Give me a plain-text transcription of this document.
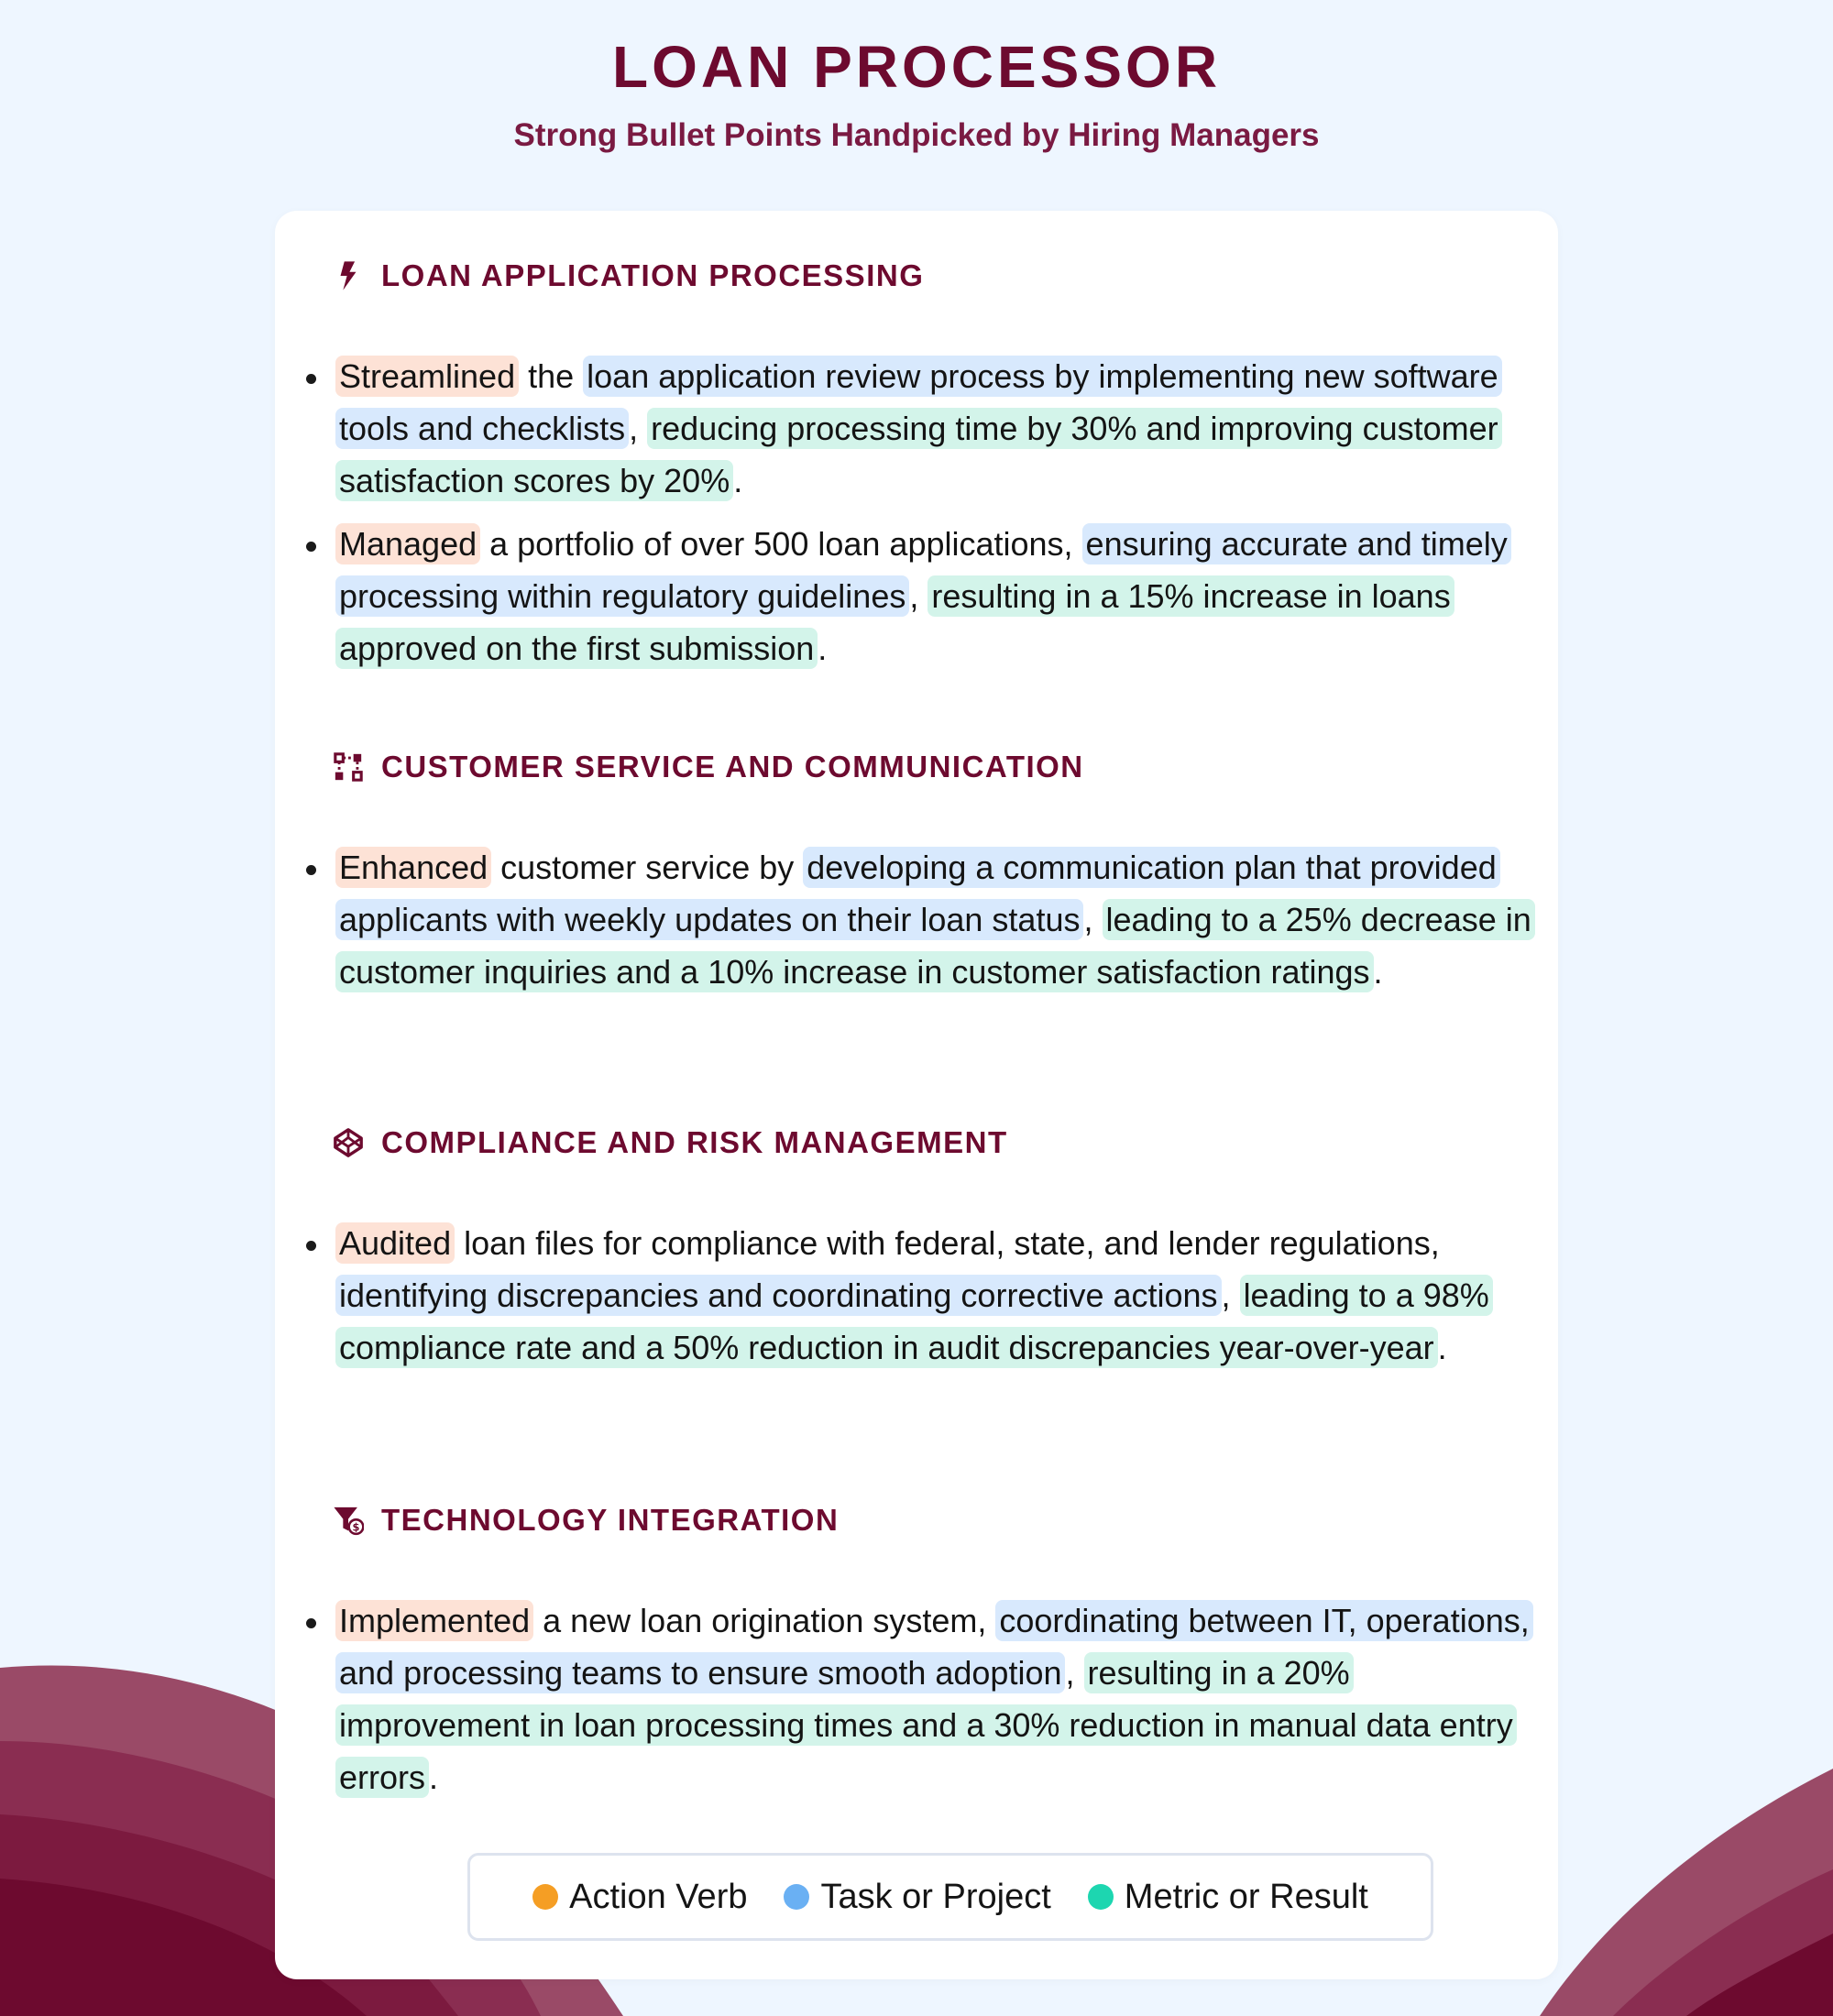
LOAN PROCESSOR
Strong Bullet Points Handpicked by Hiring Managers
LOAN APPLICATION PROCESSING
Streamlined the loan application review process by implementing new software tools and checklists , reducing processing time by 30% and improving customer satisfaction scores by 20% .
Managed a portfolio of over 500 loan applications, ensuring accurate and timely processing within regulatory guidelines , resulting in a 15% increase in loans approved on the first submission .
CUSTOMER SERVICE AND COMMUNICATION
Enhanced customer service by developing a communication plan that provided applicants with weekly updates on their loan status , leading to a 25% decrease in customer inquiries and a 10% increase in customer satisfaction ratings .
COMPLIANCE AND RISK MANAGEMENT
Audited loan files for compliance with federal, state, and lender regulations, identifying discrepancies and coordinating corrective actions , leading to a 98% compliance rate and a 50% reduction in audit discrepancies year-over-year .
$ TECHNOLOGY INTEGRATION
Implemented a new loan origination system, coordinating between IT, operations, and processing teams to ensure smooth adoption , resulting in a 20% improvement in loan processing times and a 30% reduction in manual data entry errors .
Action Verb Task or Project Metric or Result
